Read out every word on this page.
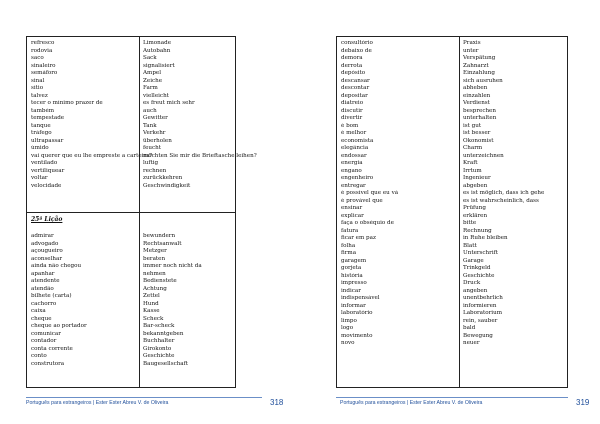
refresco
rodovia
saco
sinaleiro
semáforo
sinal
sítio
talvez
tecer o mínimo prazer de
também
tempestade
tanque
tráfego
ultrapassar
úmido
vai querer que eu lhe empreste a carteira?
ventilado
vertiliquear
voltar
velocidade
Limonade
Autobahn
Sack
signalisiert
Ampel
Zeiche
Farm
vielleicht
es freut mich sehr
auch
Gewitter
Tank
Verkehr
überholen
feucht
möchten Sie mir die Brieftasche leihen?
luftig
rechnen
zurückkehren
Geschwindigkeit
25ª Lição
admirar
advogado
açougueiro
aconselhar
ainda não chegou
apanhar
atendente
atendão
bilhete (carta)
cachorro
caixa
cheque
cheque ao portador
comunicar
contador
conta corrente
conto
construtora
bewundern
Rechtsanwalt
Metzger
beraten
immer noch nicht da
nehmen
Bedienstete
Achtung
Zettel
Hund
Kasse
Scheck
Bar-scheck
bekanntgeben
Buchhalter
Girokonto
Geschichte
Baugesellschaft
Português para estrangeiros | Ester Ester Abreu V. de Oliveira	318
consultório
debaixo de
demora
derrota
depósito
descansar
descontar
depositar
diatreio
discutir
divertir
é bom
é melhor
economista
elegância
endossar
energia
engano
engenheiro
entregar
é possível que eu vá
é provável que
ensinar
explicar
faça o obséquio de
fatura
ficar em paz
folha
firma
garagem
gorjeta
história
impresso
indicar
indispensável
informar
laboratório
limpo
logo
movimento
novo
Praxis
unter
Verspätung
Zahnarzt
Einzahlung
sich ausruhen
abheben
einzahlen
Verdienst
besprechen
unterhalten
ist gut
ist besser
Ökonomist
Charm
unterzeichnen
Kraft
Irrtum
Ingenieur
abgeben
es ist möglich, dass ich gehe
es ist wahrscheinlich, dass
Prüfung
erklären
bitte
Rechnung
in Ruhe bleiben
Blatt
Unterschrift
Garage
Trinkgeld
Geschichte
Druck
angeben
unentbehrlich
informieren
Laboratorium
rein, sauber
bald
Bewegung
neuer
Português para estrangeiros | Ester Ester Abreu V. de Oliveira	319
